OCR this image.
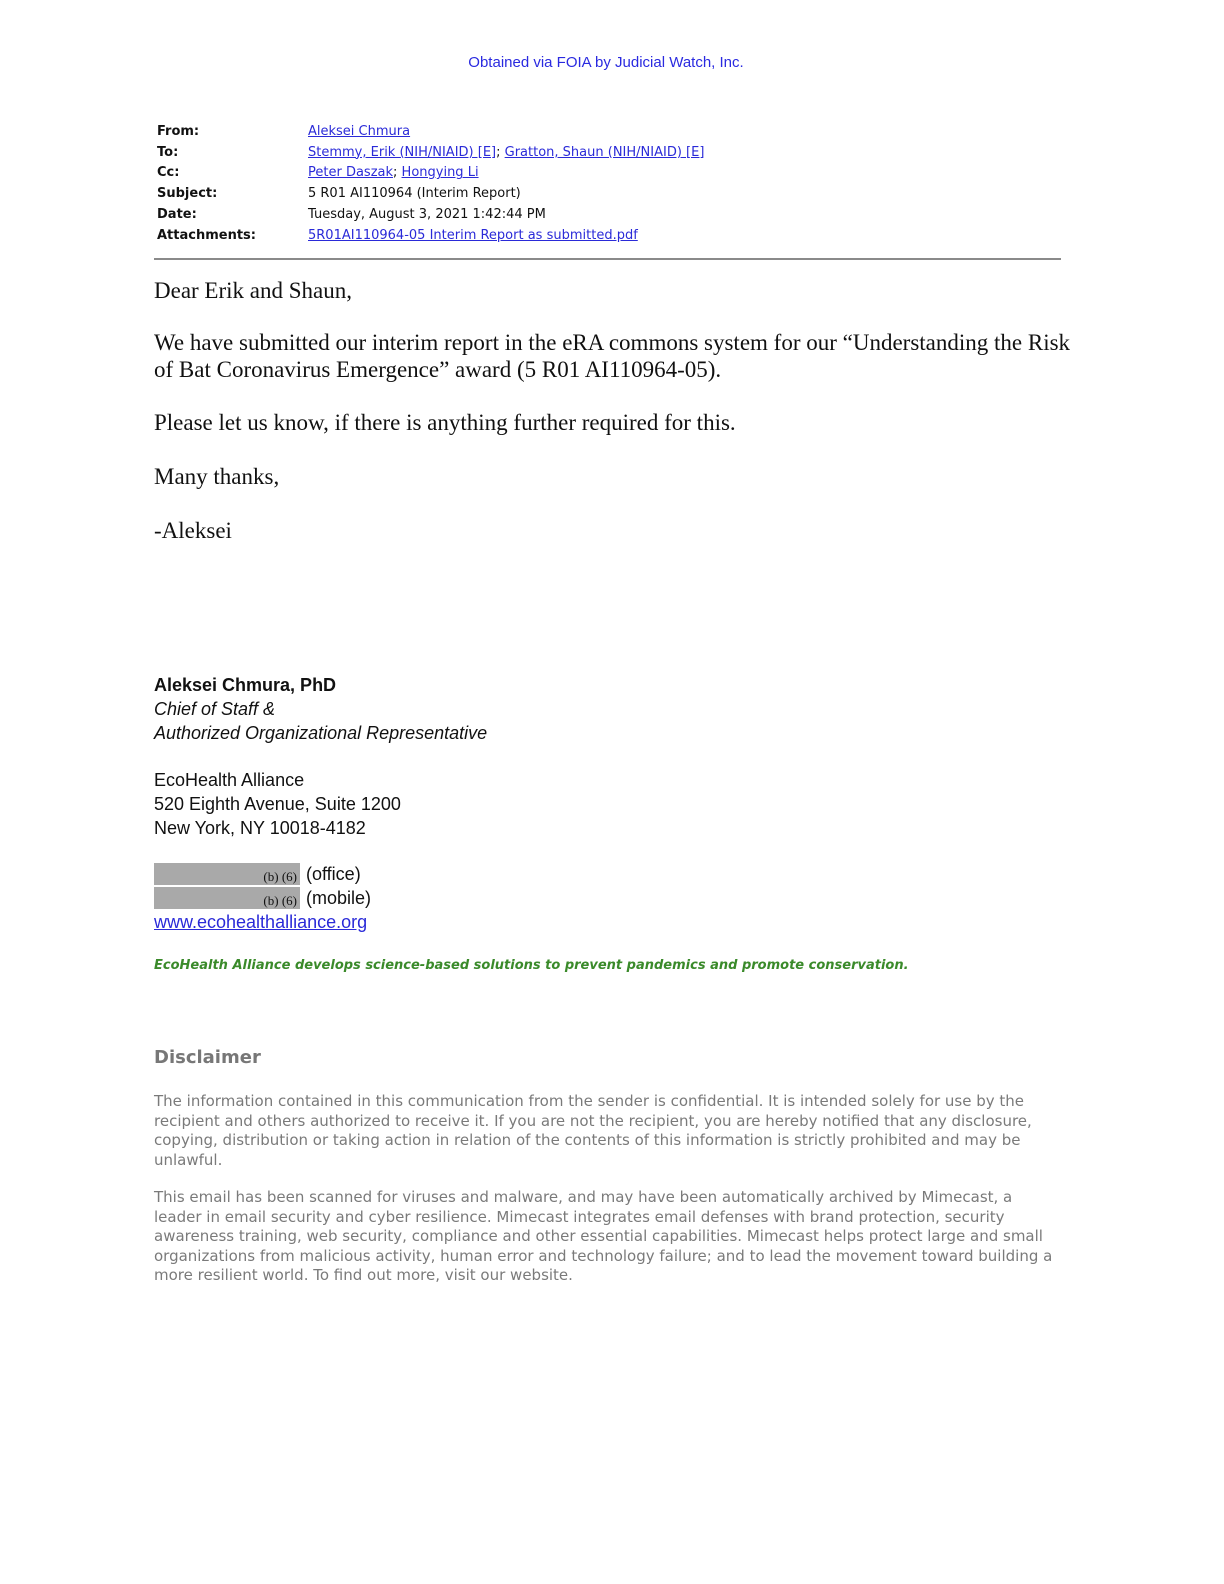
Obtained via FOIA by Judicial Watch, Inc.
From:	Aleksei Chmura
To:	Stemmy, Erik (NIH/NIAID) [E]; Gratton, Shaun (NIH/NIAID) [E]
Cc:	Peter Daszak; Hongying Li
Subject:	5 R01 AI110964 (Interim Report)
Date:	Tuesday, August 3, 2021 1:42:44 PM
Attachments:	5R01AI110964-05 Interim Report as submitted.pdf
Dear Erik and Shaun,
We have submitted our interim report in the eRA commons system for our “Understanding the Risk of Bat Coronavirus Emergence” award (5 R01 AI110964-05).
Please let us know, if there is anything further required for this.
Many thanks,
-Aleksei
Aleksei Chmura, PhD
Chief of Staff &
Authorized Organizational Representative
EcoHealth Alliance
520 Eighth Avenue, Suite 1200
New York, NY 10018-4182
(b) (6) (office)
(b) (6) (mobile)
www.ecohealthalliance.org
EcoHealth Alliance develops science-based solutions to prevent pandemics and promote conservation.
Disclaimer
The information contained in this communication from the sender is confidential. It is intended solely for use by the recipient and others authorized to receive it. If you are not the recipient, you are hereby notified that any disclosure, copying, distribution or taking action in relation of the contents of this information is strictly prohibited and may be unlawful.
This email has been scanned for viruses and malware, and may have been automatically archived by Mimecast, a leader in email security and cyber resilience. Mimecast integrates email defenses with brand protection, security awareness training, web security, compliance and other essential capabilities. Mimecast helps protect large and small organizations from malicious activity, human error and technology failure; and to lead the movement toward building a more resilient world. To find out more, visit our website.
